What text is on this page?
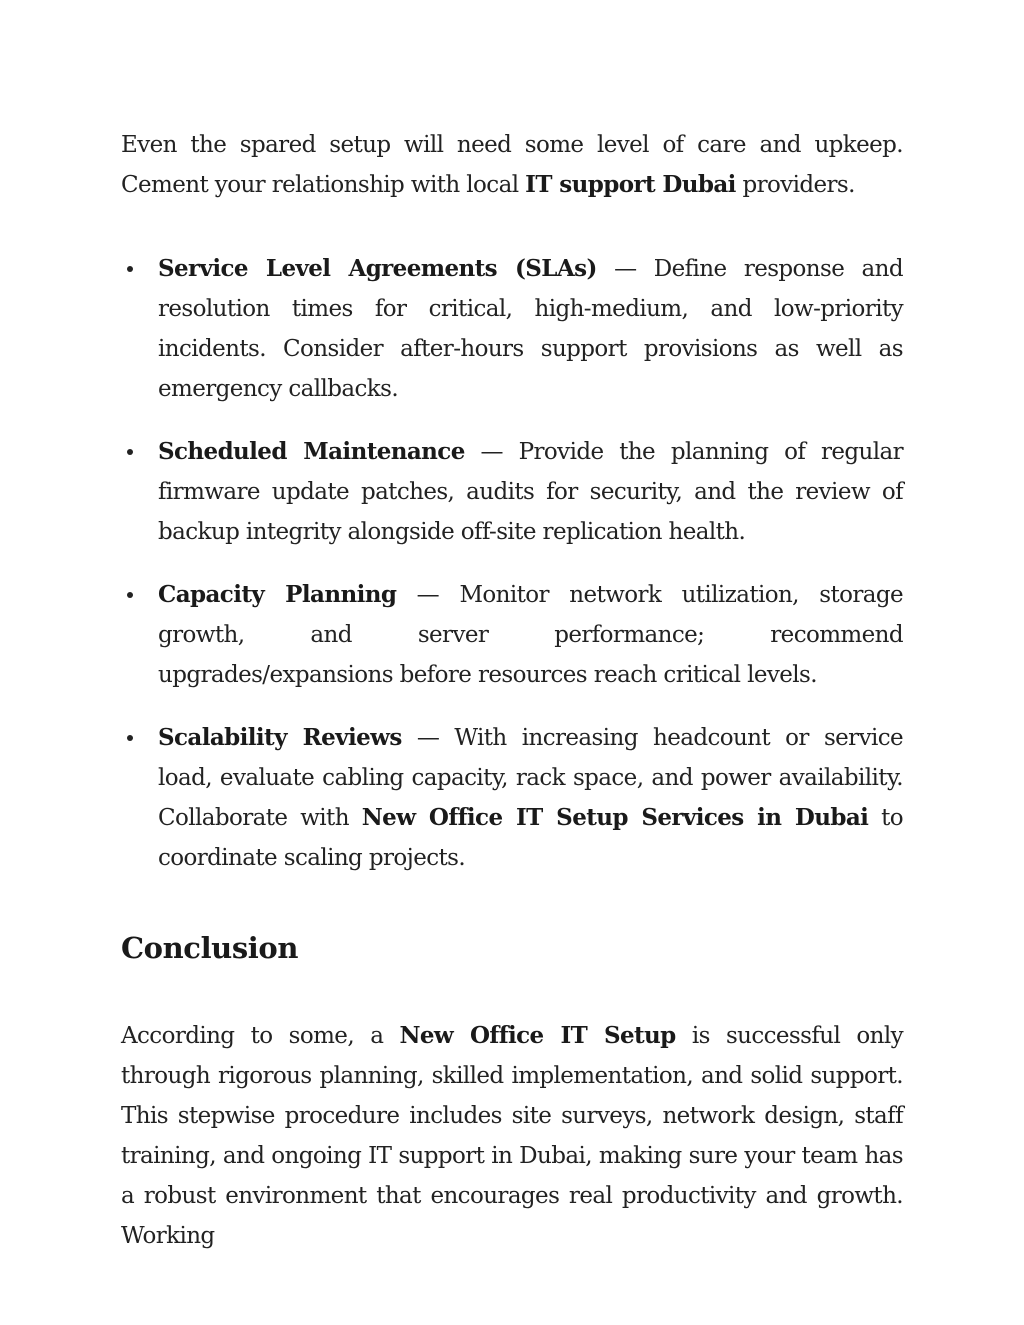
Even the spared setup will need some level of care and upkeep. Cement your relationship with local IT support Dubai providers.

Service Level Agreements (SLAs) — Define response and resolution times for critical, high-medium, and low-priority incidents. Consider after-hours support provisions as well as emergency callbacks.
Scheduled Maintenance — Provide the planning of regular firmware update patches, audits for security, and the review of backup integrity alongside off-site replication health.
Capacity Planning — Monitor network utilization, storage growth, and server performance; recommend upgrades/expansions before resources reach critical levels.
Scalability Reviews — With increasing headcount or service load, evaluate cabling capacity, rack space, and power availability. Collaborate with New Office IT Setup Services in Dubai to coordinate scaling projects.
Conclusion

According to some, a New Office IT Setup is successful only through rigorous planning, skilled implementation, and solid support. This stepwise procedure includes site surveys, network design, staff training, and ongoing IT support in Dubai, making sure your team has a robust environment that encourages real productivity and growth. Working
